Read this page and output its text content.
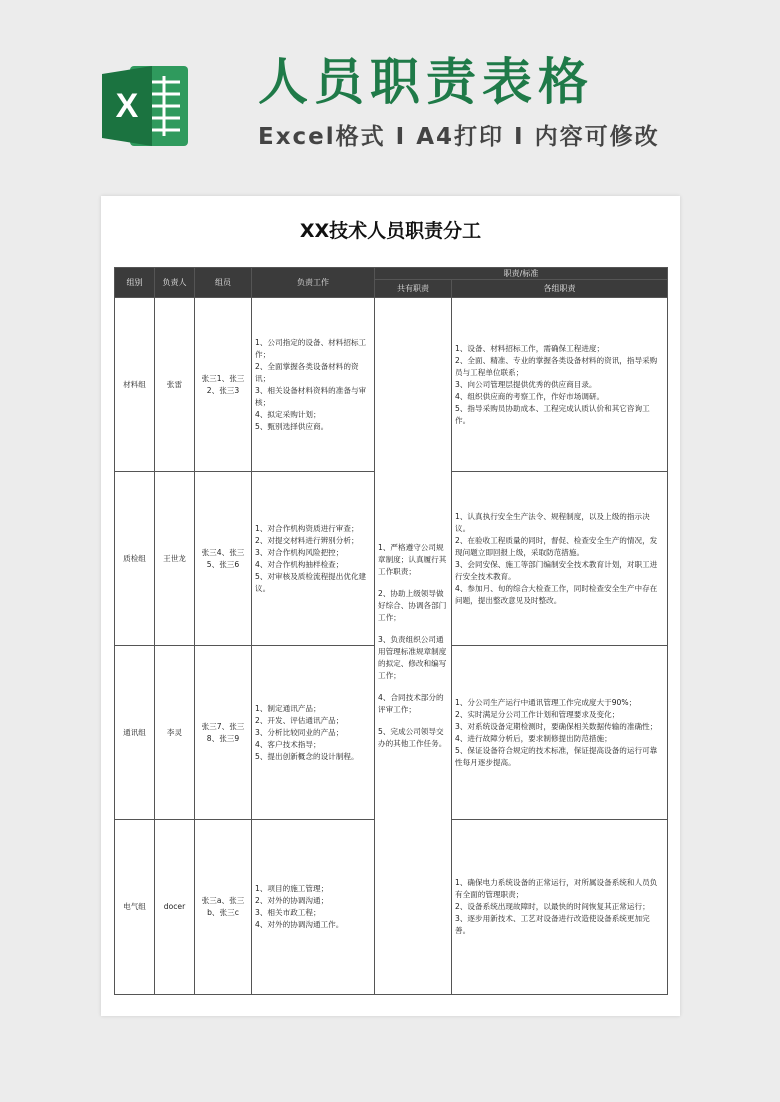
X 人员职责表格
Excel格式 I A4打印 I 内容可修改
XX技术人员职责分工
组别	负责人	组员	负责工作	职责/标准	
				共有职责	各组职责
材料组	张雷	张三1、张三2、张三3	1、公司指定的设备、材料招标工作；
2、全面掌握各类设备材料的资讯；
3、相关设备材料资料的准备与审核；
4、拟定采购计划；
5、甄别选择供应商。	1、严格遵守公司规章制度；认真履行其工作职责；
2、协助上级领导做好综合、协调各部门工作；
3、负责组织公司通用管理标准规章制度的拟定、修改和编写工作；
4、合同技术部分的评审工作；
5、完成公司领导交办的其他工作任务。	1、设备、材料招标工作，需确保工程进度；
2、全面、精准、专业的掌握各类设备材料的资讯，指导采购员与工程单位联系；
3、向公司管理层提供优秀的供应商目录。
4、组织供应商的考察工作，作好市场调研。
5、指导采购员协助成本、工程完成认质认价和其它咨询工作。

质检组	王世龙	张三4、张三5、张三6	1、对合作机构资质进行审查；
2、对提交材料进行辨别分析；
3、对合作机构风险把控；
4、对合作机构抽样检查；
5、对审核及质检流程提出优化建议。		1、认真执行安全生产法令、规程制度，以及上级的指示决议。
2、在验收工程质量的同时，督促、检查安全生产的情况，发现问题立即回报上级，采取防范措施。
3、会同安保、施工等部门编制安全技术教育计划，对职工进行安全技术教育。
4、参加月、旬的综合大检查工作，同时检查安全生产中存在问题，提出整改意见及时整改。

通讯组	李灵	张三7、张三8、张三9	1、制定通讯产品；
2、开发、评估通讯产品；
3、分析比较同业的产品；
4、客户技术指导；
5、提出创新概念的设计制程。		1、分公司生产运行中通讯管理工作完成度大于90%；
2、实时满足分公司工作计划和管理要求及变化；
3、对系统设备定期检测时，要确保相关数据传输的准确性；
4、进行故障分析后，要求制修提出防范措施；
5、保证设备符合规定的技术标准，保证提高设备的运行可靠性每月逐步提高。

电气组	docer	张三a、张三b、张三c	1、项目的施工管理；
2、对外的协调沟通；
3、相关市政工程；
4、对外的协调沟通工作。		1、确保电力系统设备的正常运行，对所属设备系统和人员负有全面的管理职责；
2、设备系统出现故障时，以最快的时间恢复其正常运行；
3、逐步用新技术、工艺对设备进行改造使设备系统更加完善。
